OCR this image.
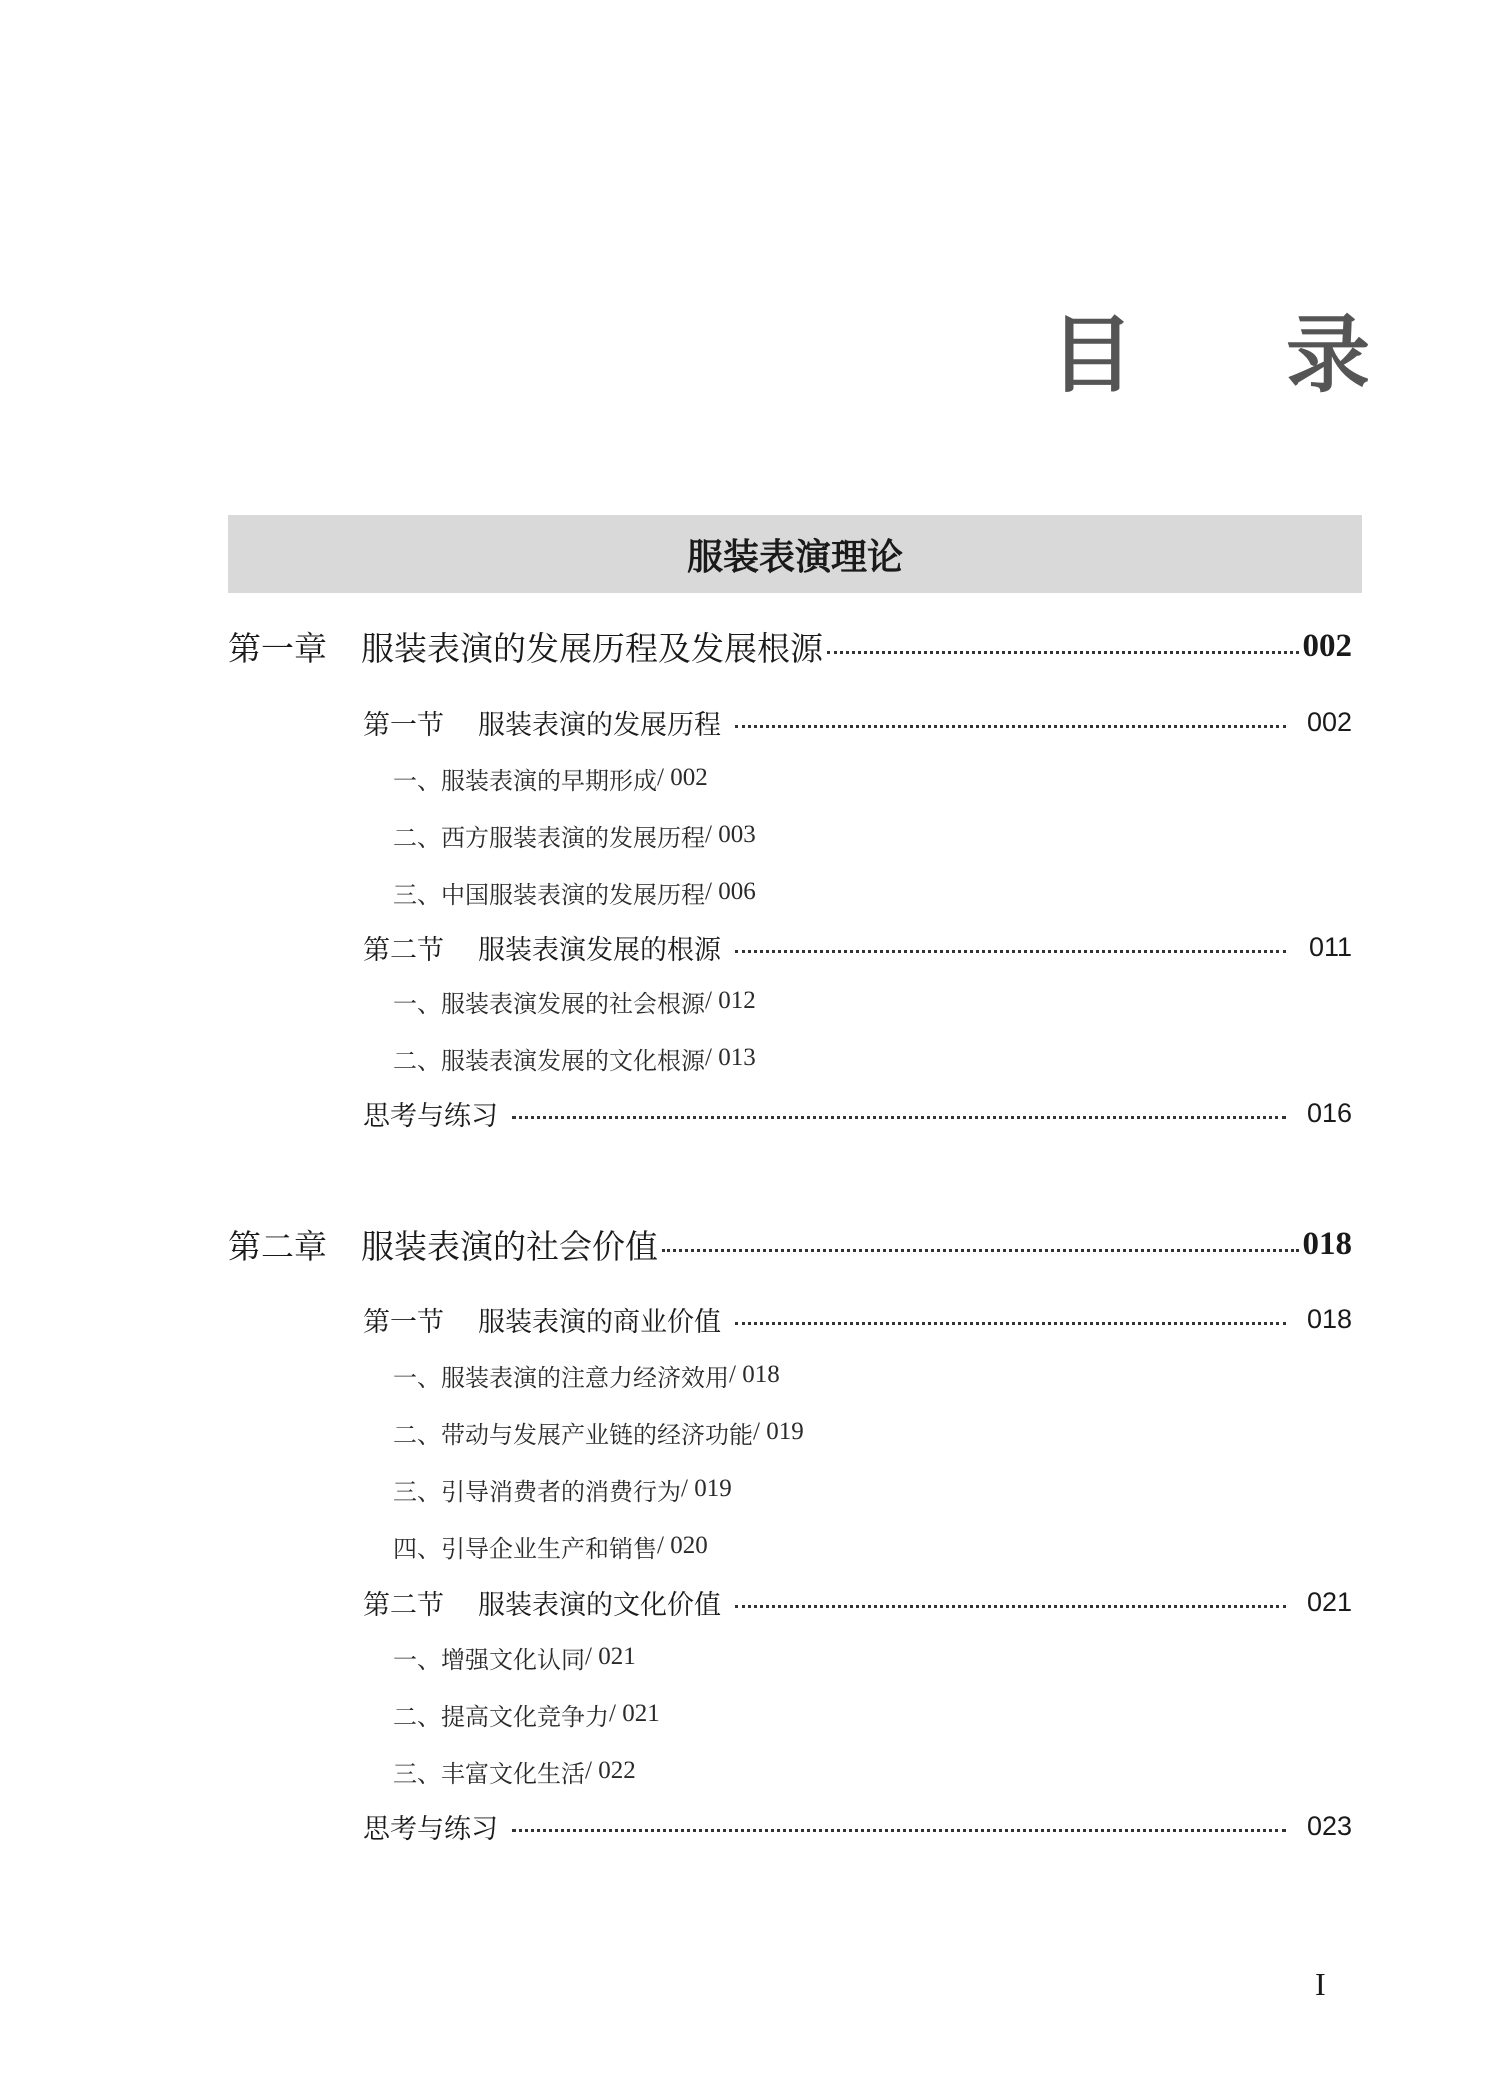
目 录
服装表演理论
第一章	服装表演的发展历程及发展根源	002
第一节	服装表演的发展历程	002
一、服装表演的早期形成 / 002
二、西方服装表演的发展历程 / 003
三、中国服装表演的发展历程 / 006
第二节	服装表演发展的根源	011
一、服装表演发展的社会根源 / 012
二、服装表演发展的文化根源 / 013
思考与练习	016
第二章	服装表演的社会价值	018
第一节	服装表演的商业价值	018
一、服装表演的注意力经济效用 / 018
二、带动与发展产业链的经济功能 / 019
三、引导消费者的消费行为 / 019
四、引导企业生产和销售 / 020
第二节	服装表演的文化价值	021
一、增强文化认同 / 021
二、提高文化竞争力 / 021
三、丰富文化生活 / 022
思考与练习	023
I
